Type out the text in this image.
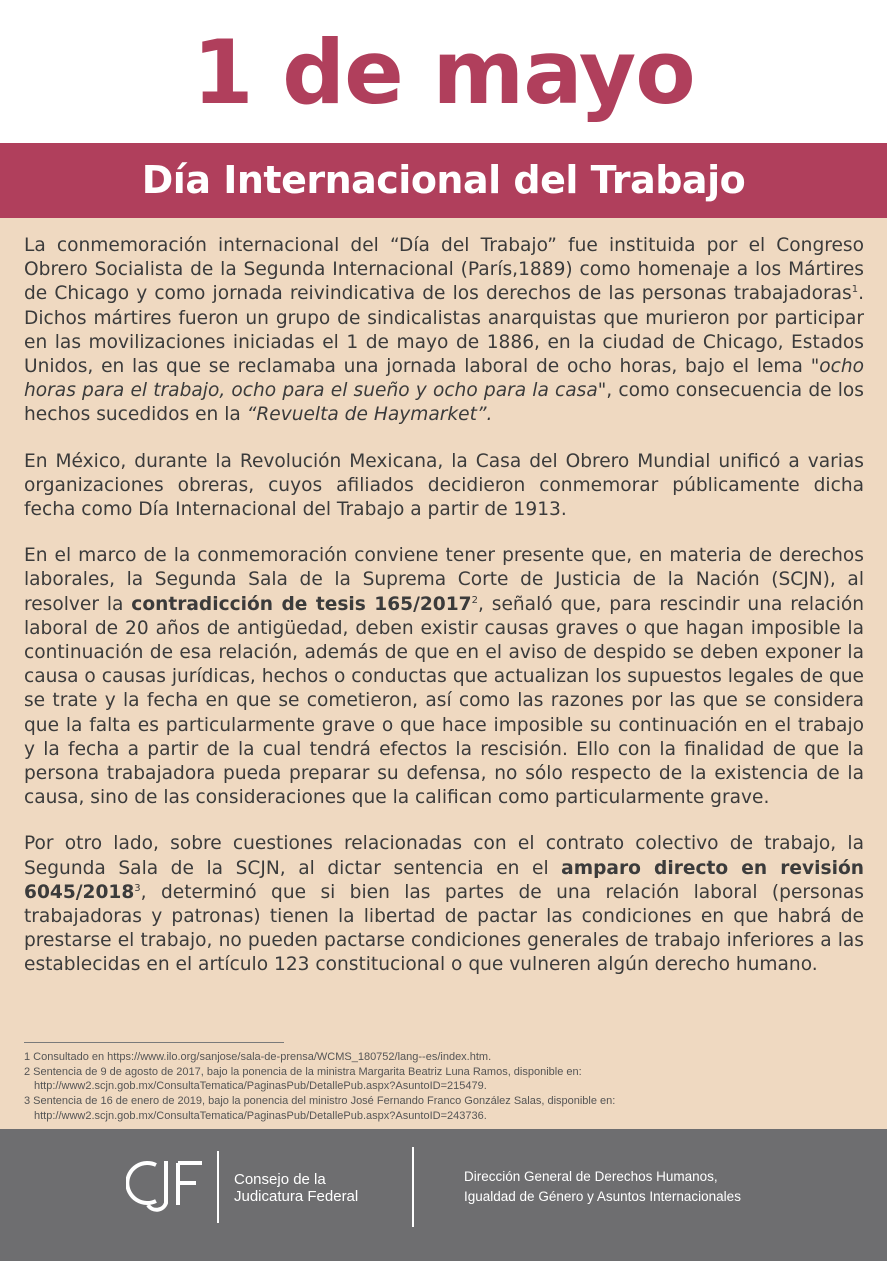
1 de mayo
Día Internacional del Trabajo

La conmemoración internacional del “Día del Trabajo” fue instituida por el Congreso Obrero Socialista de la Segunda Internacional (París,1889) como homenaje a los Mártires de Chicago y como jornada reivindicativa de los derechos de las personas trabajadoras$^1$. Dichos mártires fueron un grupo de sindicalistas anarquistas que murieron por participar en las movilizaciones iniciadas el 1 de mayo de 1886, en la ciudad de Chicago, Estados Unidos, en las que se reclamaba una jornada laboral de ocho horas, bajo el lema "ocho horas para el trabajo, ocho para el sueño y ocho para la casa", como consecuencia de los hechos sucedidos en la “Revuelta de Haymarket”.

En México, durante la Revolución Mexicana, la Casa del Obrero Mundial unificó a varias organizaciones obreras, cuyos afiliados decidieron conmemorar públicamente dicha fecha como Día Internacional del Trabajo a partir de 1913.

En el marco de la conmemoración conviene tener presente que, en materia de derechos laborales, la Segunda Sala de la Suprema Corte de Justicia de la Nación (SCJN), al resolver la contradicción de tesis 165/2017$^2$, señaló que, para rescindir una relación laboral de 20 años de antigüedad, deben existir causas graves o que hagan imposible la continuación de esa relación, además de que en el aviso de despido se deben exponer la causa o causas jurídicas, hechos o conductas que actualizan los supuestos legales de que se trate y la fecha en que se cometieron, así como las razones por las que se considera que la falta es particularmente grave o que hace imposible su continuación en el trabajo y la fecha a partir de la cual tendrá efectos la rescisión. Ello con la finalidad de que la persona trabajadora pueda preparar su defensa, no sólo respecto de la existencia de la causa, sino de las consideraciones que la califican como particularmente grave.

Por otro lado, sobre cuestiones relacionadas con el contrato colectivo de trabajo, la Segunda Sala de la SCJN, al dictar sentencia en el amparo directo en revisión 6045/2018$^3$, determinó que si bien las partes de una relación laboral (personas trabajadoras y patronas) tienen la libertad de pactar las condiciones en que habrá de prestarse el trabajo, no pueden pactarse condiciones generales de trabajo inferiores a las establecidas en el artículo 123 constitucional o que vulneren algún derecho humano.

1 Consultado en https://www.ilo.org/sanjose/sala-de-prensa/WCMS_180752/lang--es/index.htm.
2 Sentencia de 9 de agosto de 2017, bajo la ponencia de la ministra Margarita Beatriz Luna Ramos, disponible en:
http://www2.scjn.gob.mx/ConsultaTematica/PaginasPub/DetallePub.aspx?AsuntoID=215479.
3 Sentencia de 16 de enero de 2019, bajo la ponencia del ministro José Fernando Franco González Salas, disponible en:
http://www2.scjn.gob.mx/ConsultaTematica/PaginasPub/DetallePub.aspx?AsuntoID=243736.
Consejo de la
Judicatura Federal
Dirección General de Derechos Humanos,
Igualdad de Género y Asuntos Internacionales
